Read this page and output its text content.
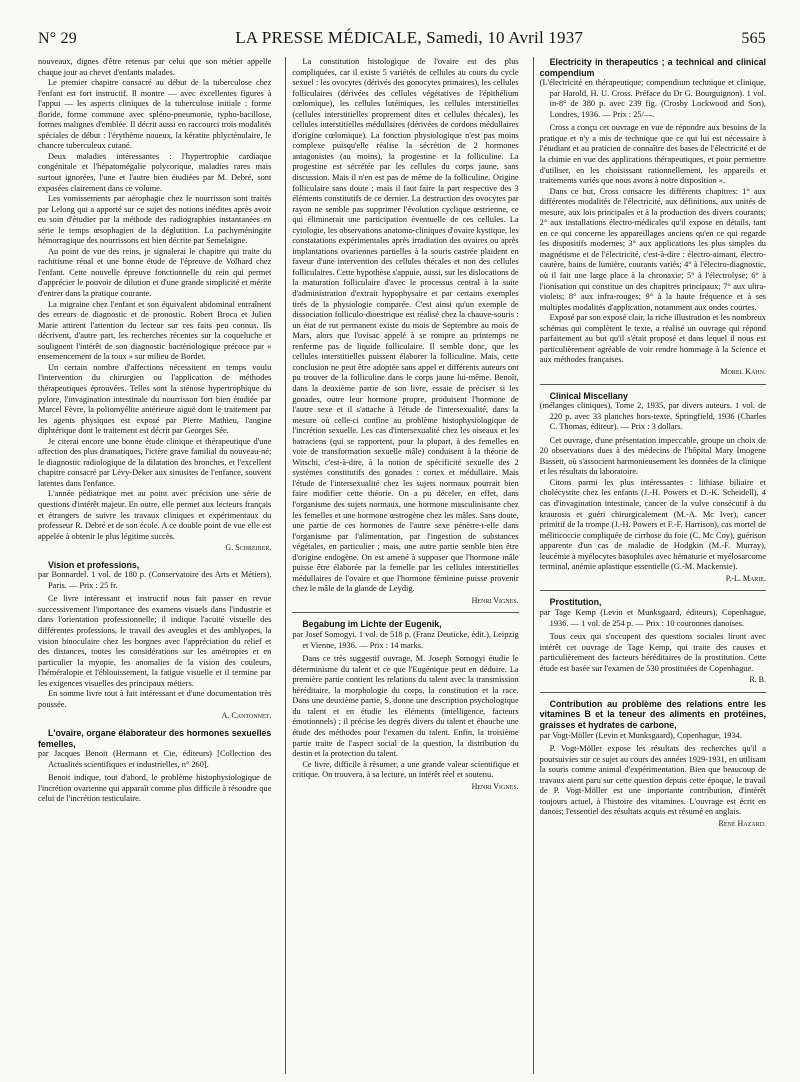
N° 29	LA PRESSE MÉDICALE, Samedi, 10 Avril 1937	565

nouveaux, dignes d'être retenus par celui que son métier appelle chaque jour au chevet d'enfants malades.

Le premier chapitre consacré au début de la tuberculose chez l'enfant est fort instructif. Il montre — avec excellentes figures à l'appui — les aspects cliniques de la tuberculose initiale : forme floride, forme commune avec spléno-pneumonie, typho-bacillose, formes malignes d'emblée. Il décrit aussi en raccourci trois modalités spéciales de début : l'érythème noueux, la kératite phlycténulaire, le chancre tuberculeux cutané.

Deux maladies intéressantes : l'hypertrophie cardiaque congénitale et l'hépatomégalie polycorique, maladies rares mais surtout ignorées, l'une et l'autre bien étudiées par M. Debré, sont exposées clairement dans ce volume.

Les vomissements par aérophagie chez le nourrisson sont traités par Lelong qui a apporté sur ce sujet des notions inédites après avoir eu soin d'étudier par la méthode des radiographies instantanées en série le temps œsophagien de la déglutition. La pachyméningite hémorragique des nourrissons est bien décrite par Semelaigne.

Au point de vue des reins, je signalerai le chapitre qui traite du rachitisme rénal et une bonne étude de l'épreuve de Volhard chez l'enfant. Cette nouvelle épreuve fonctionnelle du rein qui permet d'apprécier le pouvoir de dilution et d'une grande simplicité et mérite d'entrer dans la pratique courante.

La migraine chez l'enfant et son équivalent abdominal entraînent des erreurs de diagnostic et de pronostic. Robert Broca et Julien Marie attirent l'attention du lecteur sur ces faits peu connus. Ils décrivent, d'autre part, les recherches récentes sur la coqueluche et soulignent l'intérêt de son diagnostic bactériologique précoce par « ensemencement de la toux » sur milieu de Bordet.

Un certain nombre d'affections nécessitent en temps voulu l'intervention du chirurgien ou l'application de méthodes thérapeutiques éprouvées. Telles sont la sténose hypertrophique du pylore, l'invagination intestinale du nourrisson fort bien étudiée par Marcel Fèvre, la poliomyélite antérieure aiguë dont le traitement par les agents physiques est exposé par Pierre Mathieu, l'angine diphtérique dont le traitement est décrit par Georges Sée.

Je citerai encore une bonne étude clinique et thérapeutique d'une affection des plus dramatiques, l'ictère grave familial du nouveau-né; le diagnostic radiologique de la dilatation des bronches, et l'excellent chapitre consacré par Lévy-Deker aux sinusites de l'enfance, souvent latentes dans l'enfance.

L'année pédiatrique met au point avec précision une série de questions d'intérêt majeur. En outre, elle permet aux lecteurs français et étrangers de suivre les travaux cliniques et expérimentaux du professeur R. Debré et de son école. A ce double point de vue elle est appelée à obtenir le plus légitime succès.

G. Schreiber.

Vision et professions,

par Bonnardel. 1 vol. de 180 p. (Conservatoire des Arts et Métiers), Paris. — Prix : 25 fr.

Ce livre intéressant et instructif nous fait passer en revue successivement l'importance des examens visuels dans l'industrie et dans l'orientation professionnelle; il indique l'acuité visuelle des différentes professions, le travail des aveugles et des amblyopes, la vision binoculaire chez les borgnes avec l'appréciation du relief et des distances, toutes les considérations sur les amétropies et en particulier la myopie, les anomalies de la vision des couleurs, l'héméralopie et l'éblouissement, la fatigue visuelle et il termine par les exigences visuelles des principaux métiers.

En somme livre tout à fait intéressant et d'une documentation très poussée.

A. Cantonnet.

L'ovaire, organe élaborateur des hormones sexuelles femelles,

par Jacques Benoit (Hermann et Cie, éditeurs) [Collection des Actualités scientifiques et industrielles, n° 260].

Benoit indique, tout d'abord, le problème histophysiologique de l'incrétion ovarienne qui apparaît comme plus difficile à résoudre que celui de l'incrétion testiculaire.

La constitution histologique de l'ovaire est des plus compliquées, car il existe 5 variétés de cellules au cours du cycle sexuel : les ovocytes (dérivés des gonocytes primaires), les cellules folliculaires (dérivées des cellules végétatives de l'épithélium cœlomique), les cellules lutéiniques, les cellules interstitielles (cellules interstitielles proprement dites et cellules thécales), les cellules interstitielles médullaires (dérivées de cordons médullaires d'origine cœlomique). La fonction physiologique n'est pas moins complexe puisqu'elle réalise la sécrétion de 2 hormones antagonistes (au moins), la progestine et la folliculine. La progestine est sécrétée par les cellules du corps jaune, sans discussion. Mais il n'en est pas de même de la folliculine. Origine folliculaire sans doute ; mais il faut faire la part respective des 3 éléments constitutifs de ce dernier. La destruction des ovocytes par rayon ne semble pas supprimer l'évolution cyclique œstrienne, ce qui éliminerait une participation éventuelle de ces cellules. La cytologie, les observations anatomo-cliniques d'ovaire kystique, les constatations expérimentales après irradiation des ovaires ou après implantations ovariennes partielles à la souris castrée plaident en faveur d'une intervention des cellules thécales et non des cellules folliculaires. Cette hypothèse s'appuie, aussi, sur les dislocations de la maturation folliculaire d'avec le processus central à la suite d'administration d'extrait hypophysaire et par certains exemples tirés de la physiologie comparée. C'est ainsi qu'un exemple de dissociation folliculo-dioestrique est réalisé chez la chauve-souris : un état de rut permanent existe du mois de Septembre au mois de Mars, alors que l'ovisac appelé à se rompre au printemps ne renferme pas de liquide folliculaire. Il semble donc, que les cellules interstitielles puissent élaborer la folliculine. Mais, cette conclusion ne peut être adoptée sans appel et différents auteurs ont pu trouver de la folliculine dans le corps jaune lui-même. Benoît, dans la deuxième partie de son livre, essaie de préciser si les gonades, outre leur hormone propre, produisent l'hormone de l'autre sexe et il s'attache à l'étude de l'intersexualité, dans la mesure où celle-ci confine au problème histophysiologique de l'incrétion sexuelle. Les cas d'intersexualité chez les oiseaux et les batraciens (qui se rapportent, pour la plupart, à des femelles en voie de transformation sexuelle mâle) conduisent à la théorie de Witschi, c'est-à-dire, à la notion de spécificité sexuelle des 2 systèmes constitutifs des gonades : cortex et médullaire. Mais l'étude de l'intersexualité chez les sujets normaux pourrait bien faire modifier cette théorie. On a pu déceler, en effet, dans l'organisme des sujets normaux, une hormone masculinisante chez les femelles et une hormone œstrogène chez les mâles. Sans doute, une partie de ces hormones de l'autre sexe pénètre-t-elle dans l'organisme par l'alimentation, par l'ingestion de substances végétales, en particulier ; mais, une autre partie semble bien être d'origine endogène. On est amené à supposer que l'hormone mâle puisse être élaborée par la femelle par les cellules interstitielles médullaires de l'ovaire et que l'hormone féminine puisse provenir chez le mâle de la glande de Leydig.

Henri Vignes.

Begabung im Lichte der Eugenik,

par Josef Somogyi. 1 vol. de 518 p. (Franz Deuticke, édit.), Leipzig et Vienne, 1936. — Prix : 14 marks.

Dans ce très suggestif ouvrage, M. Joseph Somogyi étudie le déterminisme du talent et ce que l'Eugénique peut en déduire. La première partie contient les relations du talent avec la transmission héréditaire, la morphologie du corps, la constitution et la race. Dans une deuxième partie, S. donne une description psychologique du talent et en étudie les éléments (intelligence, facteurs émotionnels) ; il précise les degrés divers du talent et ébauche une étude des méthodes pour l'examen du talent. Enfin, la troisième partie traite de l'aspect social de la question, la distribution du destin et la protection du talent.

Ce livre, difficile à résumer, a une grande valeur scientifique et critique. On trouvera, à sa lecture, un intérêt réel et soutenu.

Henri Vignes.

Electricity in therapeutics ; a technical and clinical compendium

(L'électricité en thérapeutique; compendium technique et clinique, par Harold, H. U. Cross. Préface du Dr G. Bourguignon). 1 vol. in-8° de 380 p. avec 239 fig. (Crosby Lockwood and Son), Londres, 1936. — Prix : 25/—.

Cross a conçu cet ouvrage en vue de répondre aux besoins de la pratique et n'y a mis de technique que ce qui lui est nécessaire à l'étudiant et au praticien de connaître des bases de l'électricité et de la chimie en vue des applications thérapeutiques, et pour permettre d'utiliser, en les choisissant rationnellement, les appareils et traitements variés que nous avons à notre disposition ».

Dans ce but, Cross consacre les différents chapitres: 1° aux différentes modalités de l'électricité, aux définitions, aux unités de mesure, aux lois principales et à la production des divers courants; 2° aux installations électro-médicales qu'il expose en détails, tant en ce qui concerne les appareillages anciens qu'en ce qui regarde les dispositifs modernes; 3° aux applications les plus simples du magnétisme et de l'électricité, c'est-à-dire : électro-aimant, électro-cautère, bains de lumière, courants variés; 4° à l'électro-diagnostic, où il fait une large place à la chronaxie; 5° à l'électrolyse; 6° à l'ionisation qui constitue un des chapitres principaux; 7° aux ultra-violets; 8° aux infra-rouges; 9° à la haute fréquence et à ses multiples modalités d'application, notamment aux ondes courtes.

Exposé par son exposé clair, la riche illustration et les nombreux schémas qui complètent le texte, a réalisé un ouvrage qui répond parfaitement au but qu'il s'était proposé et dans lequel il nous est particulièrement agréable de voir rendre hommage à la Science et aux méthodes françaises.

Morel Kahn.

Clinical Miscellany

(mélanges cliniques), Tome 2, 1935, par divers auteurs. 1 vol. de 220 p. avec 33 planches hors-texte, Springfield, 1936 (Charles C. Thomas, éditeur). — Prix : 3 dollars.

Cet ouvrage, d'une présentation impeccable, groupe un choix de 20 observations dues à des médecins de l'hôpital Mary Imogene Bassett, où s'associent harmonieusement les données de la clinique et les résultats du laboratoire.

Citons parmi les plus intéressantes : lithiase biliaire et cholécystite chez les enfants (J.-H. Powers et D.-K. Scheidell), 4 cas d'invagination intestinale, cancer de la vulve consécutif à du kraurosis et guéri chirurgicalement (M.-A. Mc Iver), cancer primitif de la trompe (J.-H. Powers et F.-F. Harrison), cas mortel de méliticoccie compliquée de cirrhose du foie (C. Mc Coy), guérison apparente d'un cas de maladie de Hodgkin (M.-F. Murray), leucémie à myélocytes basophiles avec hématurie et myélosarcome terminal, anémie aplastique essentielle (G.-M. Mackensie).

P.-L. Marie.

Prostitution,

par Tage Kemp (Levin et Munksgaard, éditeurs), Copenhague, 1936. — 1 vol. de 254 p. — Prix : 10 couronnes danoises.

Tous ceux qui s'occupent des questions sociales liront avec intérêt cet ouvrage de Tage Kemp, qui traite des causes et particulièrement des facteurs héréditaires de la prostitution. Cette étude est basée sur l'examen de 530 prostituées de Copenhague.

R. B.

Contribution au problème des relations entre les vitamines B et la teneur des aliments en protéines, graisses et hydrates de carbone,

par Vogt-Möller (Levin et Munksgaard), Copenhague, 1934.

P. Vogt-Möller expose les résultats des recherches qu'il a poursuivies sur ce sujet au cours des années 1929-1931, en utilisant la souris comme animal d'expérimentation. Bien que beaucoup de travaux aient paru sur cette question depuis cette époque, le travail de P. Vogt-Möller est une importante contribution, d'intérêt toujours actuel, à l'histoire des vitamines. L'ouvrage est écrit en danois; l'essentiel des résultats acquis est résumé en anglais.

René Hazard.
